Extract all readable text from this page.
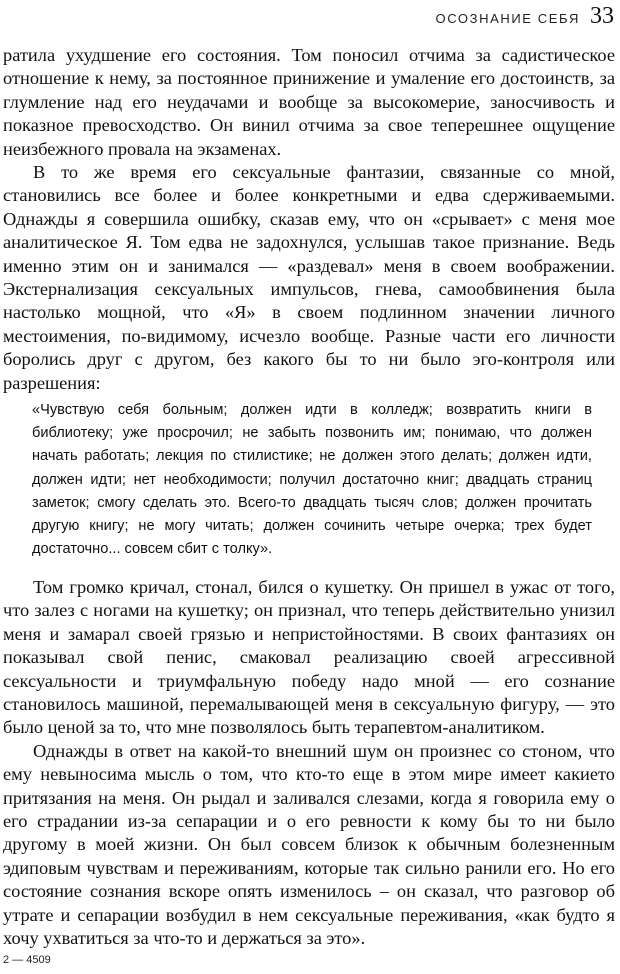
ОСОЗНАНИЕ СЕБЯ 33

ратила ухудшение его состояния. Том поносил отчима за садистическое отношение к нему, за постоянное принижение и умаление его достоинств, за глумление над его неудачами и вообще за высокомерие, заносчивость и показное превосходство. Он винил отчима за свое теперешнее ощущение неизбежного провала на экзаменах.

В то же время его сексуальные фантазии, связанные со мной, становились все более и более конкретными и едва сдерживаемыми. Однажды я совершила ошибку, сказав ему, что он «срывает» с меня мое аналитическое Я. Том едва не задохнулся, услышав такое признание. Ведь именно этим он и занимался — «раздевал» меня в своем воображении. Экстернализация сексуальных импульсов, гнева, самообвинения была настолько мощной, что «Я» в своем подлинном значении личного местоимения, по-видимому, исчезло вообще. Разные части его личности боролись друг с другом, без какого бы то ни было эго-контроля или разрешения:

«Чувствую себя больным; должен идти в колледж; возвратить книги в библиотеку; уже просрочил; не забыть позвонить им; понимаю, что должен начать работать; лекция по стилистике; не должен этого делать; должен идти, должен идти; нет необходимости; получил достаточно книг; двадцать страниц заметок; смогу сделать это. Всего-то двадцать тысяч слов; должен прочитать другую книгу; не могу читать; должен сочинить четыре очерка; трех будет достаточно... совсем сбит с толку».

Том громко кричал, стонал, бился о кушетку. Он пришел в ужас от того, что залез с ногами на кушетку; он признал, что теперь действительно унизил меня и замарал своей грязью и непристойностями. В своих фантазиях он показывал свой пенис, смаковал реализацию своей агрессивной сексуальности и триумфальную победу надо мной — его сознание становилось машиной, перемалывающей меня в сексуальную фигуру, — это было ценой за то, что мне позволялось быть терапевтом-аналитиком.

Однажды в ответ на какой-то внешний шум он произнес со стоном, что ему невыносима мысль о том, что кто-то еще в этом мире имеет какието притязания на меня. Он рыдал и заливался слезами, когда я говорила ему о его страдании из-за сепарации и о его ревности к кому бы то ни было другому в моей жизни. Он был совсем близок к обычным болезненным эдиповым чувствам и переживаниям, которые так сильно ранили его. Но его состояние сознания вскоре опять изменилось – он сказал, что разговор об утрате и сепарации возбудил в нем сексуальные переживания, «как будто я хочу ухватиться за что-то и держаться за это».

2 — 4509
